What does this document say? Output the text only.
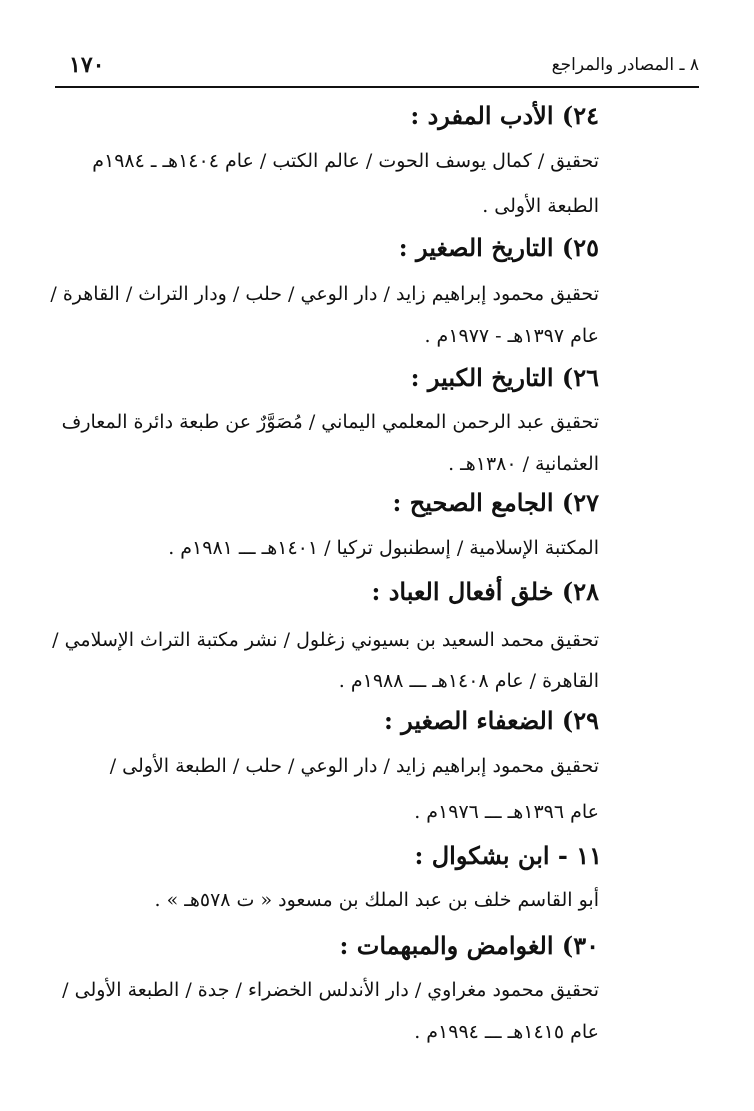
٨ ـ المصادر والمراجع
١٧٠
٢٤) الأدب المفرد :
تحقيق / كمال يوسف الحوت / عالم الكتب / عام ١٤٠٤هـ ـ ١٩٨٤م
الطبعة الأولى .
٢٥) التاريخ الصغير :
تحقيق محمود إبراهيم زايد / دار الوعي / حلب / ودار التراث / القاهرة /
عام ١٣٩٧هـ - ١٩٧٧م .
٢٦) التاريخ الكبير :
تحقيق عبد الرحمن المعلمي اليماني / مُصَوَّرٌ عن طبعة دائرة المعارف
العثمانية / ١٣٨٠هـ .
٢٧) الجامع الصحيح :
المكتبة الإسلامية / إسطنبول تركيا / ١٤٠١هـ ـــ ١٩٨١م .
٢٨) خلق أفعال العباد :
تحقيق محمد السعيد بن بسيوني زغلول / نشر مكتبة التراث الإسلامي /
القاهرة / عام ١٤٠٨هـ ـــ ١٩٨٨م .
٢٩) الضعفاء الصغير :
تحقيق محمود إبراهيم زايد / دار الوعي / حلب / الطبعة الأولى /
عام ١٣٩٦هـ ـــ ١٩٧٦م .
١١ - ابن بشكوال :
أبو القاسم خلف بن عبد الملك بن مسعود « ت ٥٧٨هـ » .
٣٠) الغوامض والمبهمات :
تحقيق محمود مغراوي / دار الأندلس الخضراء / جدة / الطبعة الأولى /
عام ١٤١٥هـ ـــ ١٩٩٤م .
